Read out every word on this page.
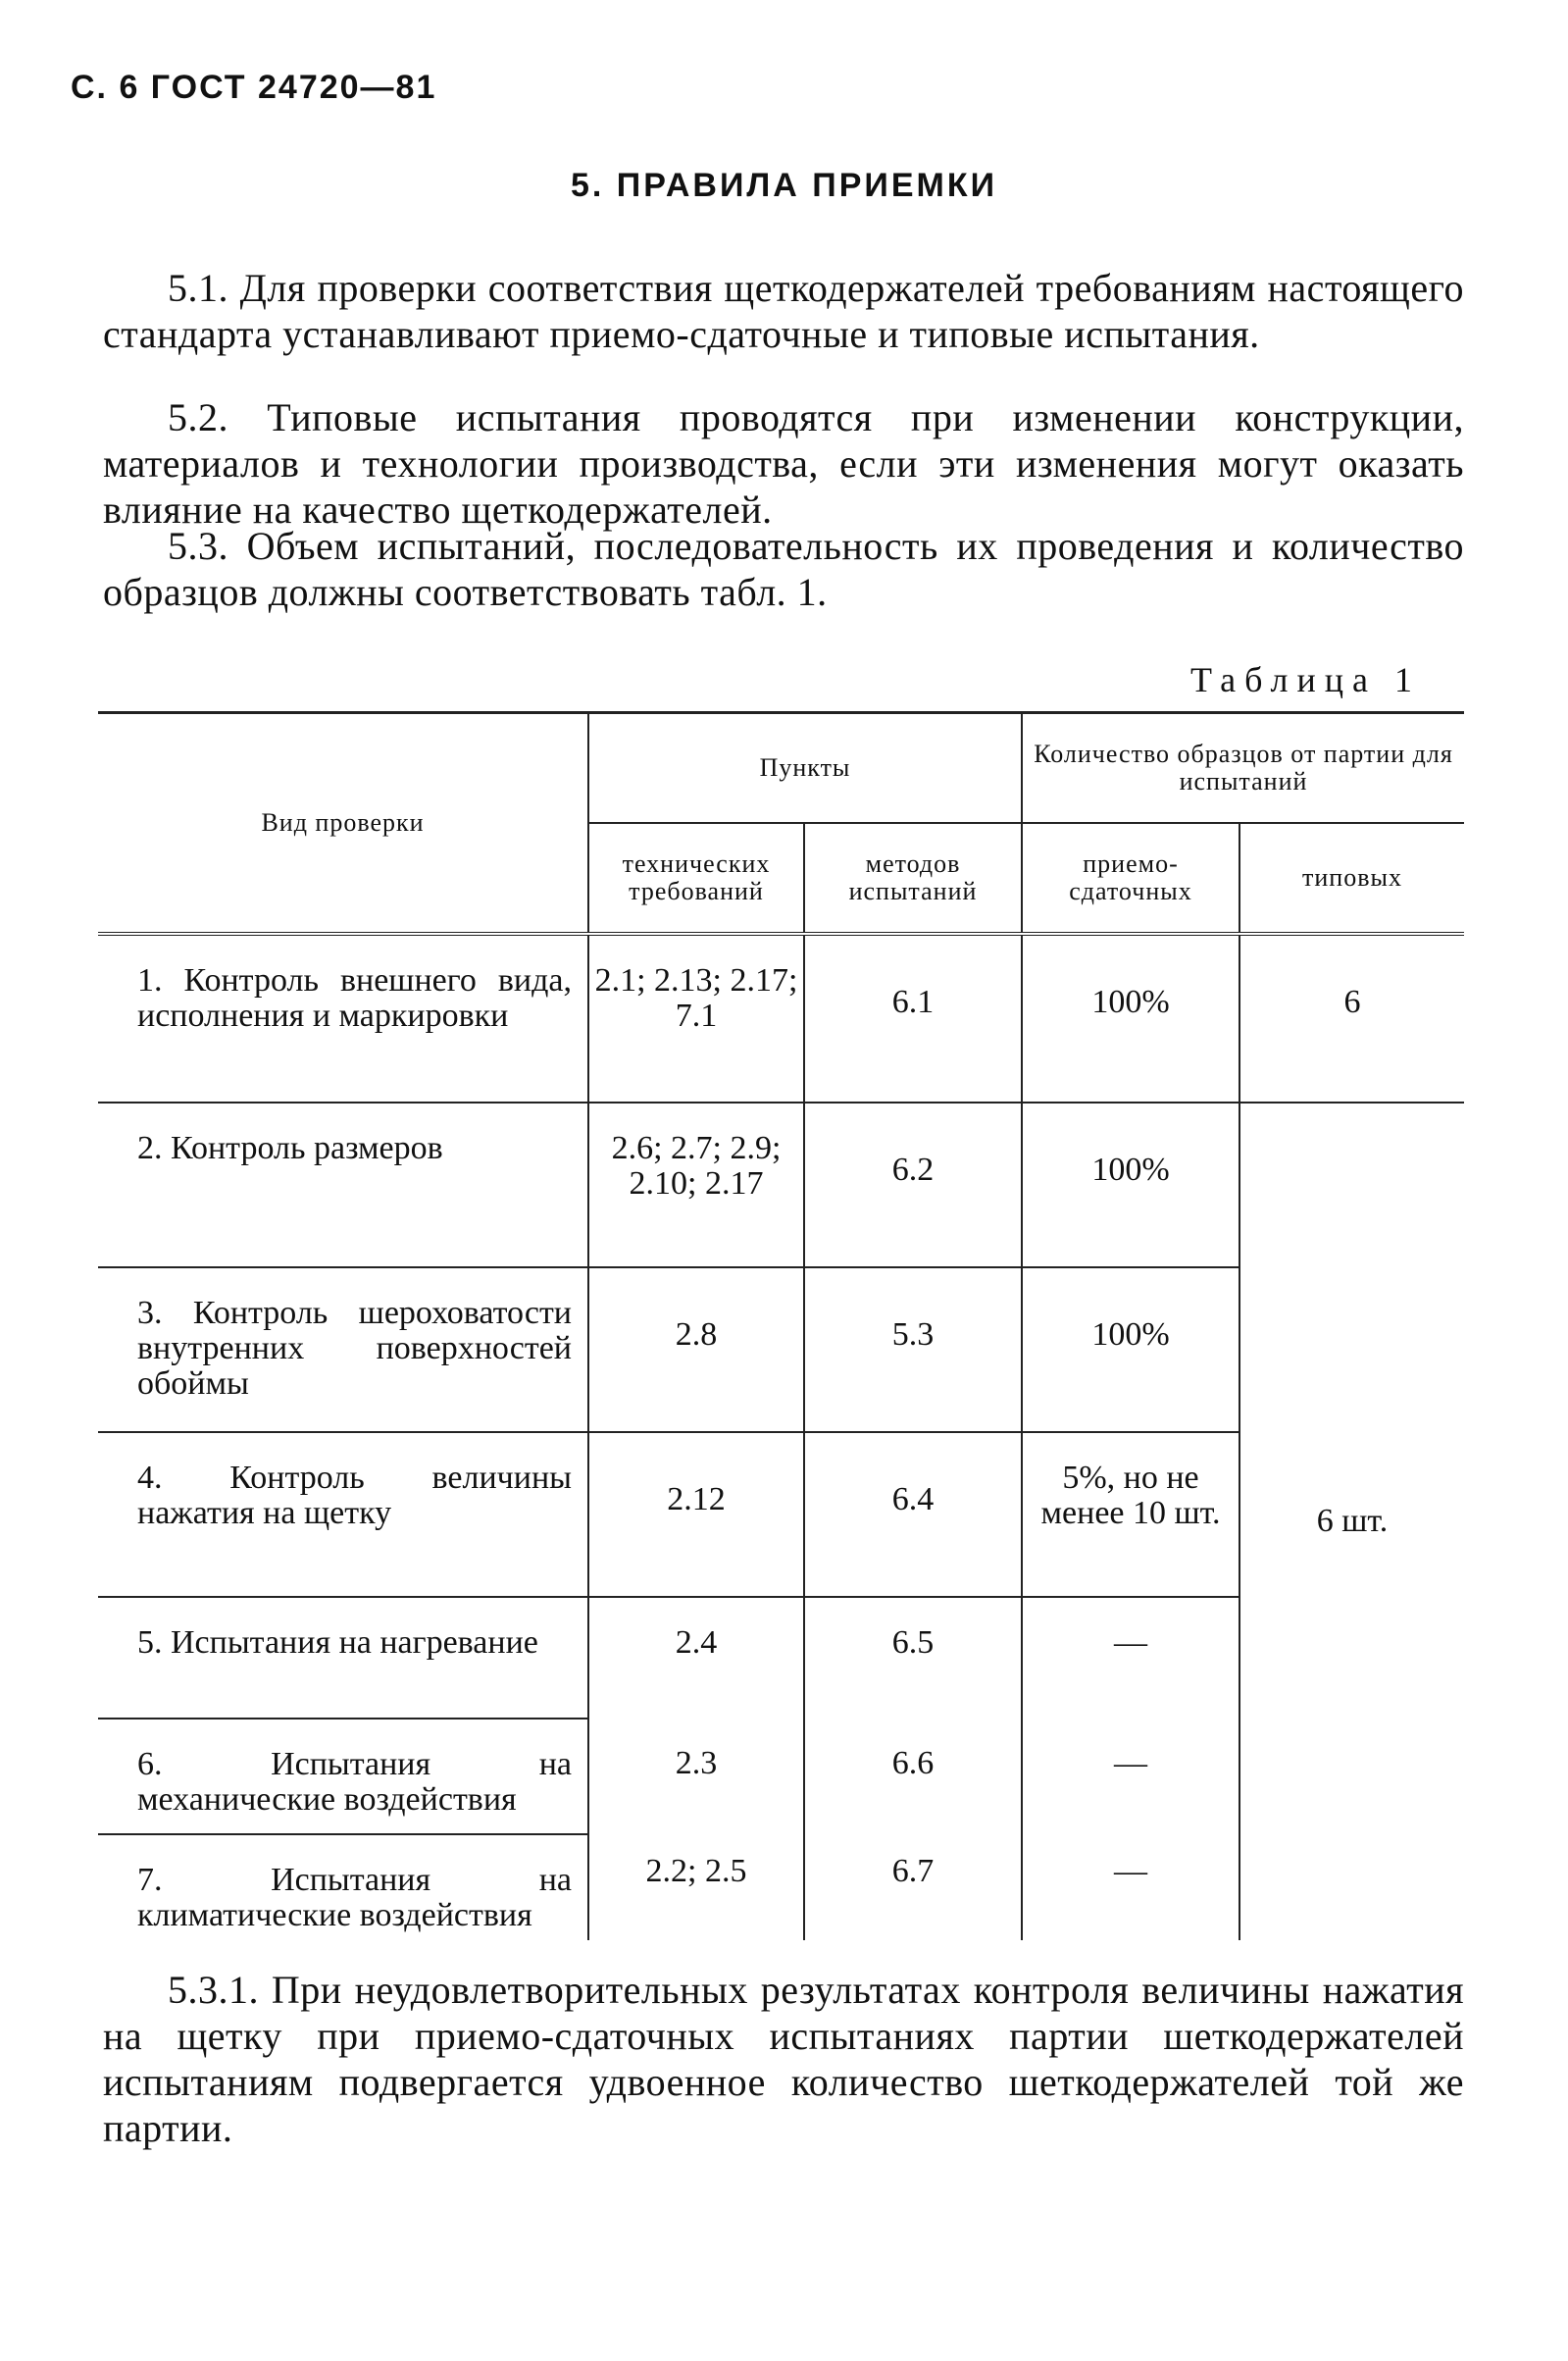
С. 6 ГОСТ 24720—81
5. ПРАВИЛА ПРИЕМКИ
5.1. Для проверки соответствия щеткодержателей требованиям настоящего стандарта устанавливают приемо-сдаточные и типовые испытания.
5.2. Типовые испытания проводятся при изменении конструкции, материалов и технологии производства, если эти изменения могут оказать влияние на качество щеткодержателей.
5.3. Объем испытаний, последовательность их проведения и количество образцов должны соответствовать табл. 1.
Таблица 1
Вид проверки	Пункты		Количество образцов от партии для испытаний	
	технических требований	методов испытаний	приемо-сдаточных	типовых
1. Контроль внешнего вида, исполнения и маркировки	2.1; 2.13; 2.17; 7.1	6.1	100%	6
2. Контроль размеров	2.6; 2.7; 2.9; 2.10; 2.17	6.2	100%	6 шт.
3. Контроль шероховатости внутренних поверхностей обоймы	2.8	5.3	100%	
4. Контроль величины нажатия на щетку	2.12	6.4	5%, но не менее 10 шт.	
5. Испытания на нагревание	2.4	6.5	—	
6. Испытания на механические воздействия	2.3	6.6	—	
7. Испытания на климатические воздействия	2.2; 2.5	6.7	—	
5.3.1. При неудовлетворительных результатах контроля величины нажатия на щетку при приемо-сдаточных испытаниях партии шеткодержателей испытаниям подвергается удвоенное количество шеткодержателей той же партии.
